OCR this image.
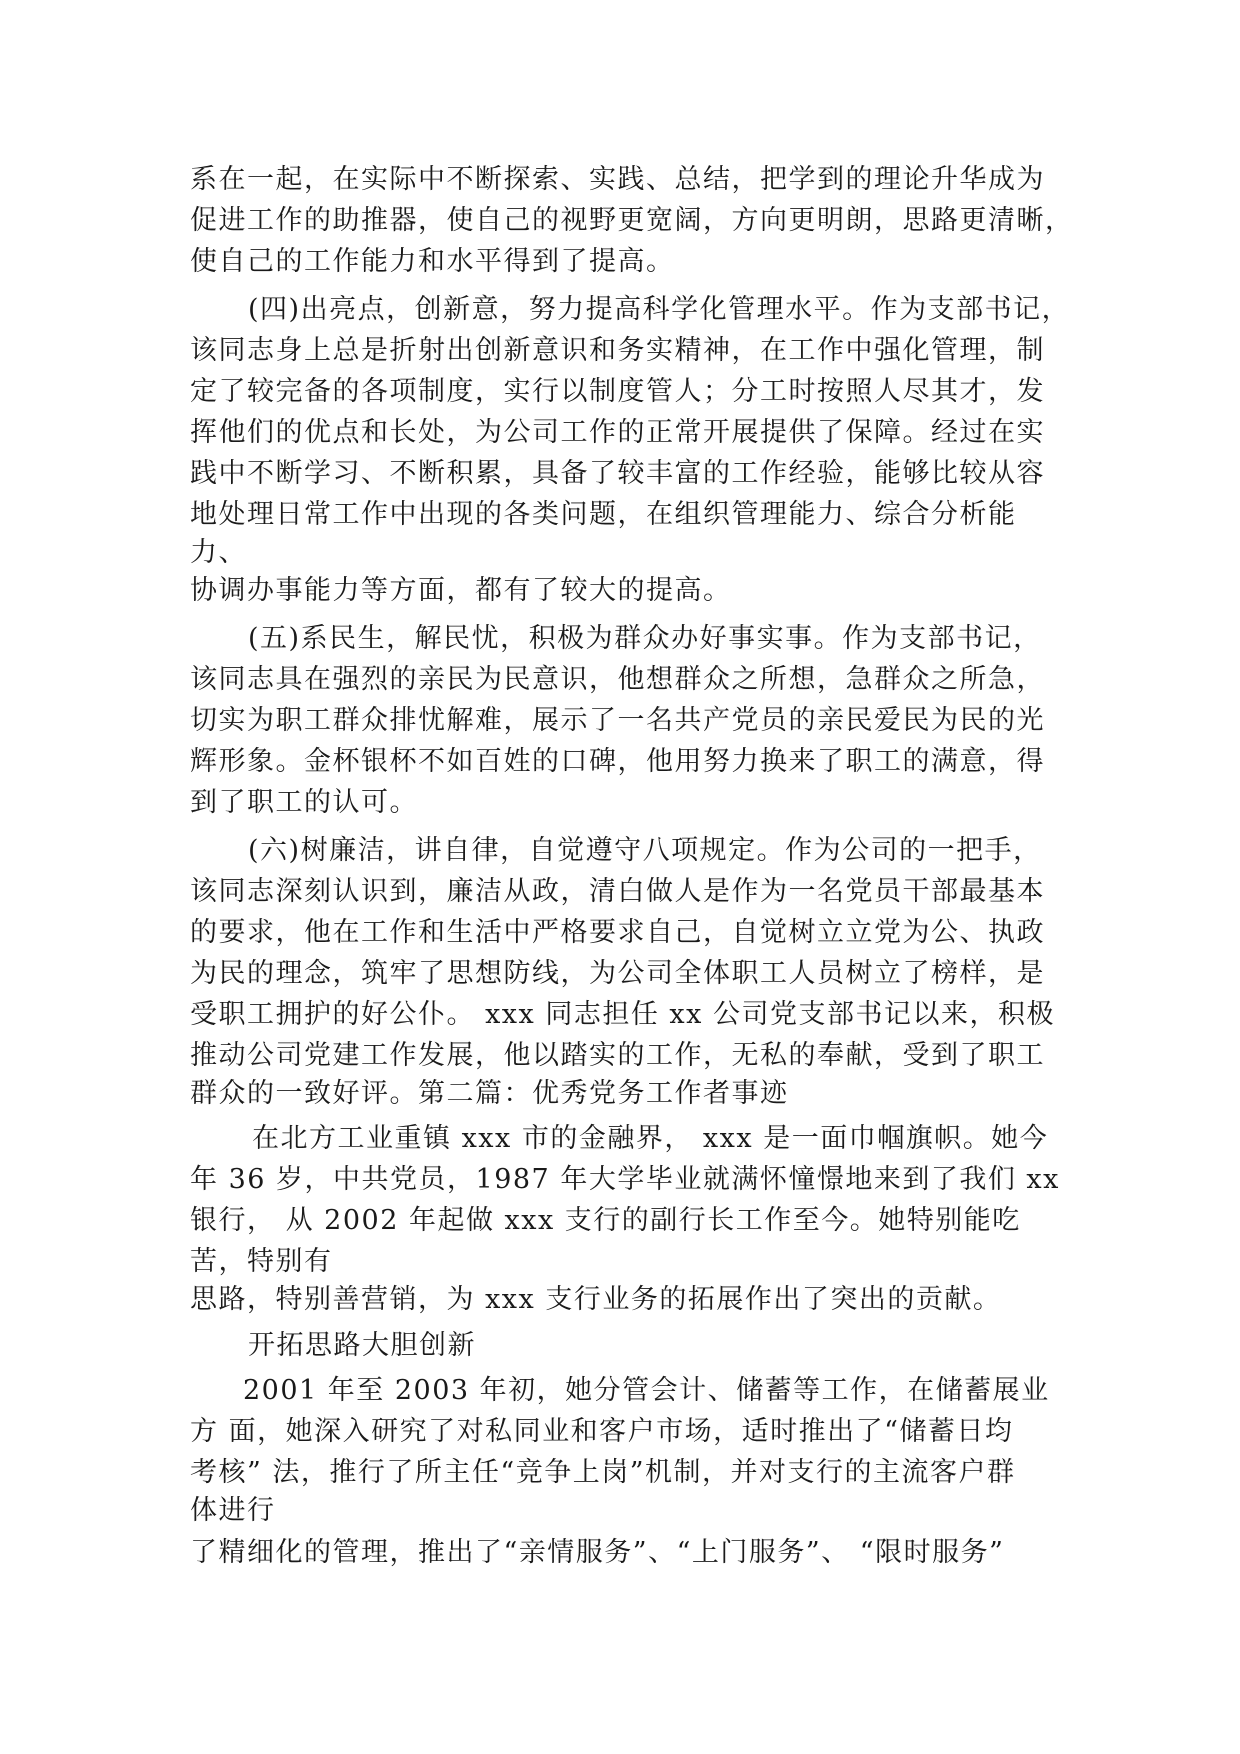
系在一起，在实际中不断探索、实践、总结，把学到的理论升华成为
促进工作的助推器，使自己的视野更宽阔，方向更明朗，思路更清晰，
使自己的工作能力和水平得到了提高。
(四)出亮点，创新意，努力提高科学化管理水平。作为支部书记，
该同志身上总是折射出创新意识和务实精神，在工作中强化管理，制
定了较完备的各项制度，实行以制度管人；分工时按照人尽其才，发
挥他们的优点和长处，为公司工作的正常开展提供了保障。经过在实
践中不断学习、不断积累，具备了较丰富的工作经验，能够比较从容
地处理日常工作中出现的各类问题，在组织管理能力、综合分析能
力、
协调办事能力等方面，都有了较大的提高。
(五)系民生，解民忧，积极为群众办好事实事。作为支部书记，
该同志具在强烈的亲民为民意识，他想群众之所想，急群众之所急，
切实为职工群众排忧解难，展示了一名共产党员的亲民爱民为民的光
辉形象。金杯银杯不如百姓的口碑，他用努力换来了职工的满意，得
到了职工的认可。
(六)树廉洁，讲自律，自觉遵守八项规定。作为公司的一把手，
该同志深刻认识到，廉洁从政，清白做人是作为一名党员干部最基本
的要求，他在工作和生活中严格要求自己，自觉树立立党为公、执政
为民的理念，筑牢了思想防线，为公司全体职工人员树立了榜样，是
受职工拥护的好公仆。 xxx 同志担任 xx 公司党支部书记以来，积极
推动公司党建工作发展，他以踏实的工作，无私的奉献，受到了职工
群众的一致好评。第二篇：优秀党务工作者事迹
在北方工业重镇 xxx 市的金融界， xxx 是一面巾帼旗帜。她今
年 36 岁，中共党员，1987 年大学毕业就满怀憧憬地来到了我们 xx
银行， 从 2002 年起做 xxx 支行的副行长工作至今。她特别能吃
苦，特别有
思路，特别善营销，为 xxx 支行业务的拓展作出了突出的贡献。
开拓思路大胆创新
2001 年至 2003 年初，她分管会计、储蓄等工作，在储蓄展业
方 面，她深入研究了对私同业和客户市场，适时推出了“储蓄日均
考核” 法，推行了所主任“竞争上岗”机制，并对支行的主流客户群
体进行
了精细化的管理，推出了“亲情服务”、“上门服务”、 “限时服务”
